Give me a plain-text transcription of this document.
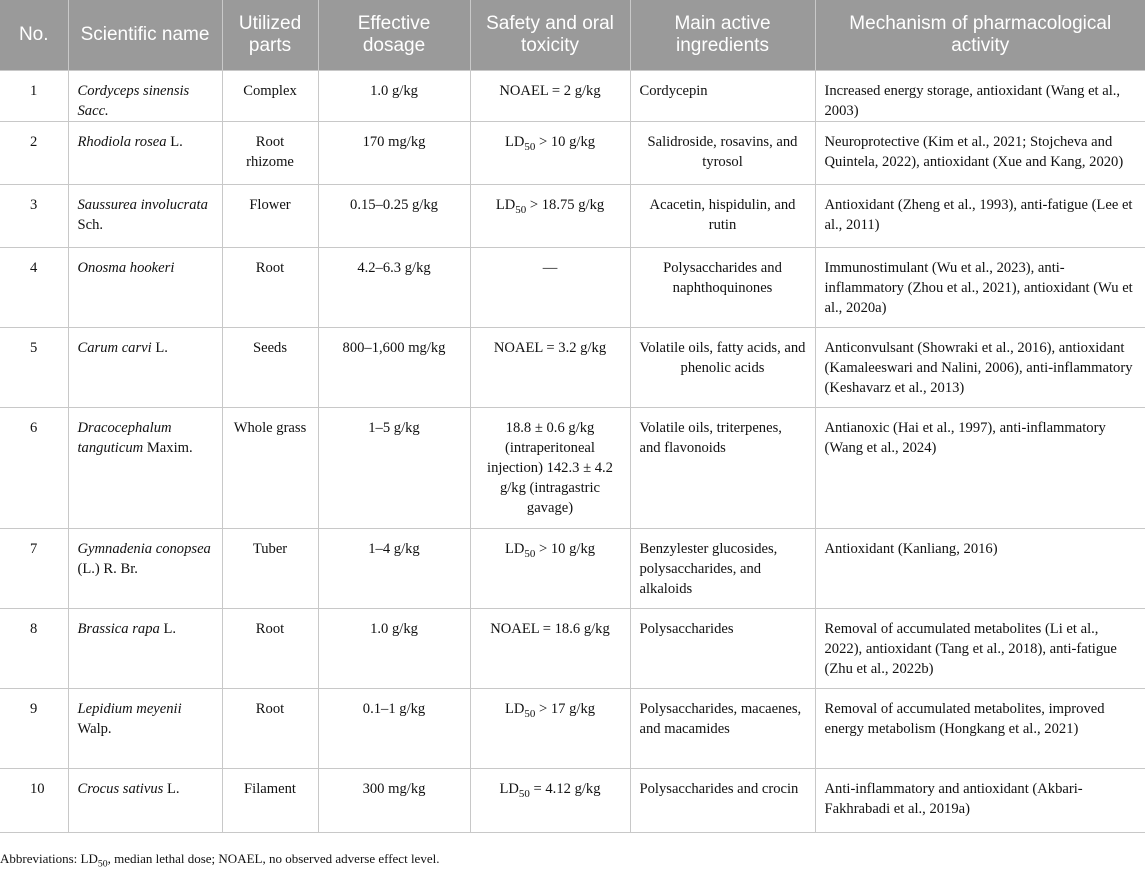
No.	Scientific name	Utilized parts	Effective dosage	Safety and oral toxicity	Main active ingredients	Mechanism of pharmacological activity
1	Cordyceps sinensis Sacc.	Complex	1.0 g/kg	NOAEL = 2 g/kg	Cordycepin	Increased energy storage, antioxidant (Wang et al., 2003)
2	Rhodiola rosea L.	Root rhizome	170 mg/kg	$LD_{50} > 10$ g/kg	Salidroside, rosavins, and tyrosol	Neuroprotective (Kim et al., 2021; Stojcheva and Quintela, 2022), antioxidant (Xue and Kang, 2020)
3	Saussurea involucrata Sch.	Flower	0.15–0.25 g/kg	$LD_{50} > 18.75$ g/kg	Acacetin, hispidulin, and rutin	Antioxidant (Zheng et al., 1993), anti-fatigue (Lee et al., 2011)
4	Onosma hookeri	Root	4.2–6.3 g/kg	—	Polysaccharides and naphthoquinones	Immunostimulant (Wu et al., 2023), anti-inflammatory (Zhou et al., 2021), antioxidant (Wu et al., 2020a)
5	Carum carvi L.	Seeds	800–1,600 mg/kg	NOAEL = 3.2 g/kg	Volatile oils, fatty acids, and phenolic acids	Anticonvulsant (Showraki et al., 2016), antioxidant (Kamaleeswari and Nalini, 2006), anti-inflammatory (Keshavarz et al., 2013)
6	Dracocephalum tanguticum Maxim.	Whole grass	1–5 g/kg	18.8 ± 0.6 g/kg (intraperitoneal injection) 142.3 ± 4.2 g/kg (intragastric gavage)	Volatile oils, triterpenes, and flavonoids	Antianoxic (Hai et al., 1997), anti-inflammatory (Wang et al., 2024)
7	Gymnadenia conopsea (L.) R. Br.	Tuber	1–4 g/kg	$LD_{50} > 10$ g/kg	Benzylester glucosides, polysaccharides, and alkaloids	Antioxidant (Kanliang, 2016)
8	Brassica rapa L.	Root	1.0 g/kg	NOAEL = 18.6 g/kg	Polysaccharides	Removal of accumulated metabolites (Li et al., 2022), antioxidant (Tang et al., 2018), anti-fatigue (Zhu et al., 2022b)
9	Lepidium meyenii Walp.	Root	0.1–1 g/kg	$LD_{50} > 17$ g/kg	Polysaccharides, macaenes, and macamides	Removal of accumulated metabolites, improved energy metabolism (Hongkang et al., 2021)
10	Crocus sativus L.	Filament	300 mg/kg	$LD_{50} = 4.12$ g/kg	Polysaccharides and crocin	Anti-inflammatory and antioxidant (Akbari-Fakhrabadi et al., 2019a)
Abbreviations: $LD_{50}$, median lethal dose; NOAEL, no observed adverse effect level.
